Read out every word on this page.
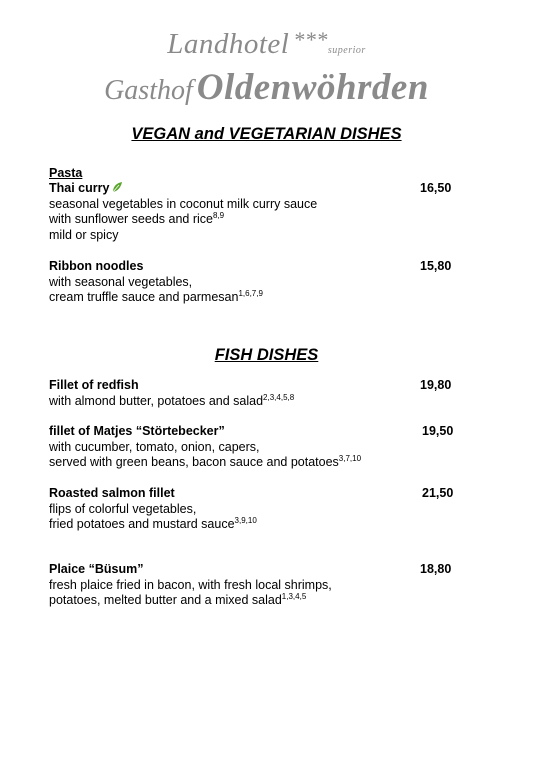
Landhotel ***superior
Gasthof Oldenwöhrden
VEGAN and VEGETARIAN DISHES
Pasta
Thai curry
seasonal vegetables in coconut milk curry sauce
with sunflower seeds and rice$^{8,9}$
mild or spicy
16,50
Ribbon noodles
with seasonal vegetables,
cream truffle sauce and parmesan$^{1,6,7,9}$
15,80
FISH DISHES
Fillet of redfish
with almond butter, potatoes and salad$^{2,3,4,5,8}$
19,80
fillet of Matjes “Störtebecker”
with cucumber, tomato, onion, capers,
served with green beans, bacon sauce and potatoes$^{3,7,10}$
19,50
Roasted salmon fillet
flips of colorful vegetables,
fried potatoes and mustard sauce$^{3,9,10}$
21,50
Plaice “Büsum”
fresh plaice fried in bacon, with fresh local shrimps,
potatoes, melted butter and a mixed salad$^{1,3,4,5}$
18,80
